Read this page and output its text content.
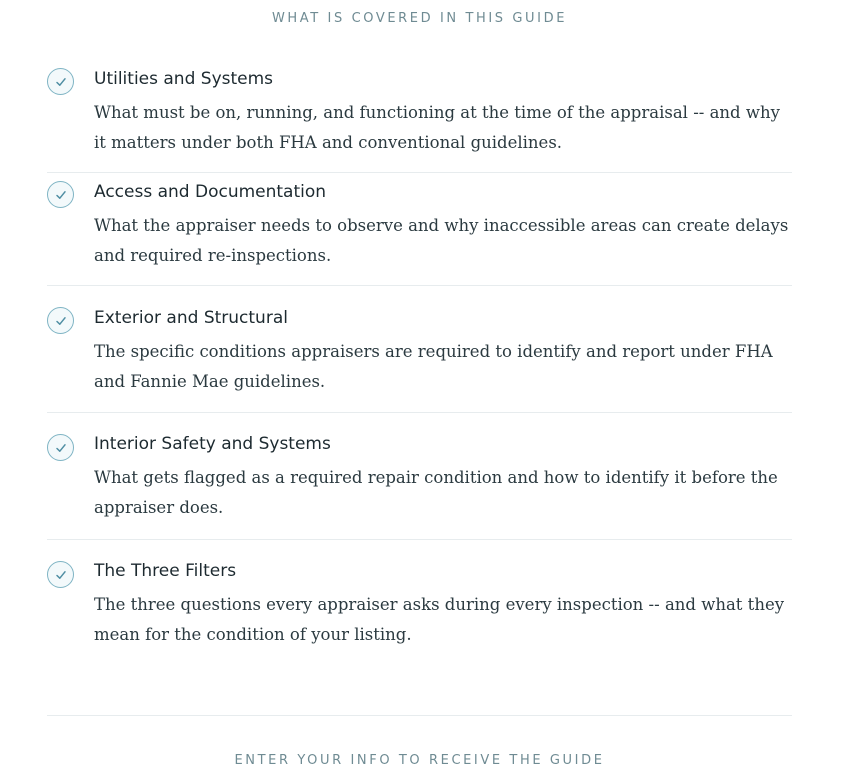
WHAT IS COVERED IN THIS GUIDE
Utilities and Systems
What must be on, running, and functioning at the time of the appraisal -- and why it matters under both FHA and conventional guidelines.
Access and Documentation
What the appraiser needs to observe and why inaccessible areas can create delays and required re-inspections.
Exterior and Structural
The specific conditions appraisers are required to identify and report under FHA and Fannie Mae guidelines.
Interior Safety and Systems
What gets flagged as a required repair condition and how to identify it before the appraiser does.
The Three Filters
The three questions every appraiser asks during every inspection -- and what they mean for the condition of your listing.
ENTER YOUR INFO TO RECEIVE THE GUIDE
